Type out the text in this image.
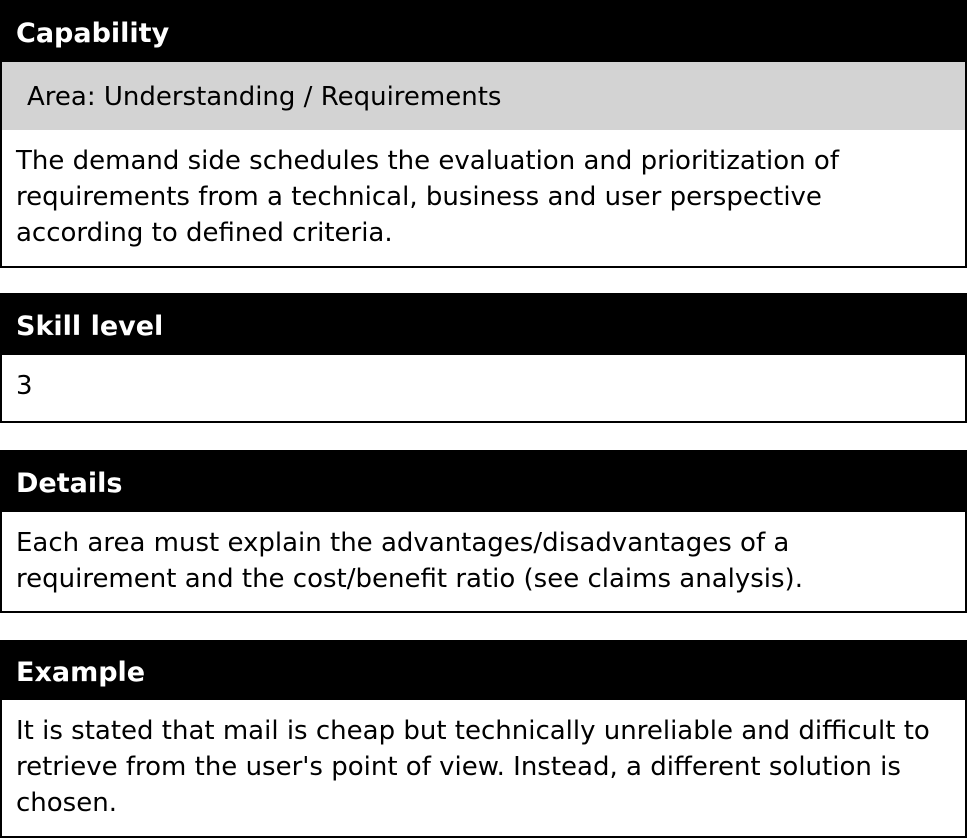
Capability
Area: Understanding / Requirements
The demand side schedules the evaluation and prioritization of requirements from a technical, business and user perspective according to defined criteria.
Skill level
3
Details
Each area must explain the advantages/disadvantages of a requirement and the cost/benefit ratio (see claims analysis).
Example
It is stated that mail is cheap but technically unreliable and difficult to retrieve from the user's point of view. Instead, a different solution is chosen.
